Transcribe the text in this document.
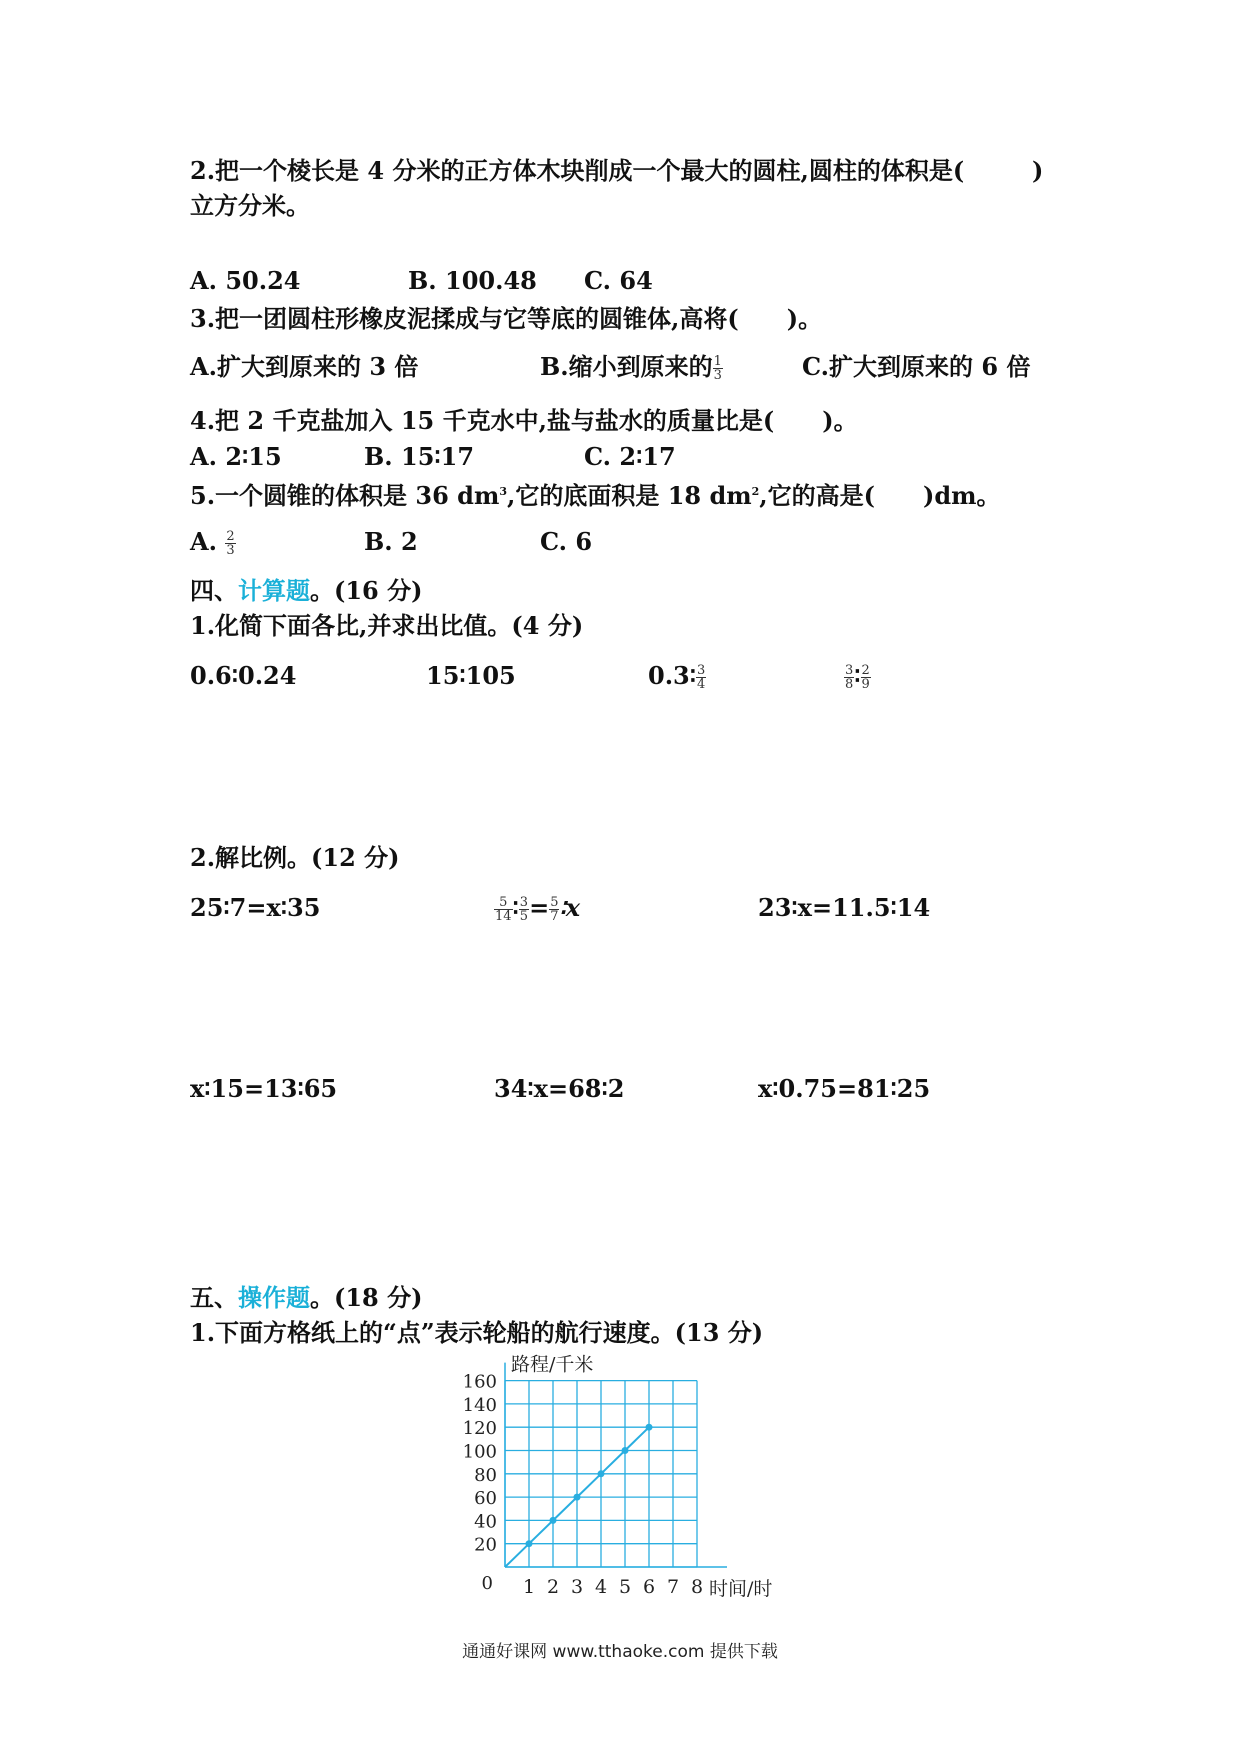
2.把一个棱长是 4 分米的正方体木块削成一个最大的圆柱,圆柱的体积是(	)
立方分米。
A. 50.24	B. 100.48 C. 64
3.把一团圆柱形橡皮泥揉成与它等底的圆锥体,高将(　　)。
A.扩大到原来的 3 倍	B.缩小到原来的 $\frac{1}{3}$	C.扩大到原来的 6 倍
4.把 2 千克盐加入 15 千克水中,盐与盐水的质量比是(　　)。
A. 2∶15	B. 15∶17	C. 2∶17
5.一个圆锥的体积是 36 $dm^3$,它的底面积是 18 $dm^2$,它的高是(　　)dm。
A. $\frac{2}{3}$	B. 2	C. 6
四、计算题。(16 分)
1.化简下面各比,并求出比值。(4 分)
0.6∶0.24	15∶105	0.3∶ $\frac{3}{4}$	$\frac{3}{8}$ ∶ $\frac{2}{9}$
2.解比例。(12 分)
25∶7=x∶35	$\frac{5}{14}$ ∶ $\frac{3}{5} = \frac{5}{7}$ ∶x	23∶x=11.5∶14
x∶15=13∶65	34∶x=68∶2	x∶0.75=81∶25
五、操作题。(18 分)
1.下面方格纸上的“点”表示轮船的航行速度。(13 分)
1 2 3 4 5 6 7 8
20
40
60
80
100
120
140
160
0	时间/时
路程/千米
通通好课网 www.tthaoke.com 提供下载
